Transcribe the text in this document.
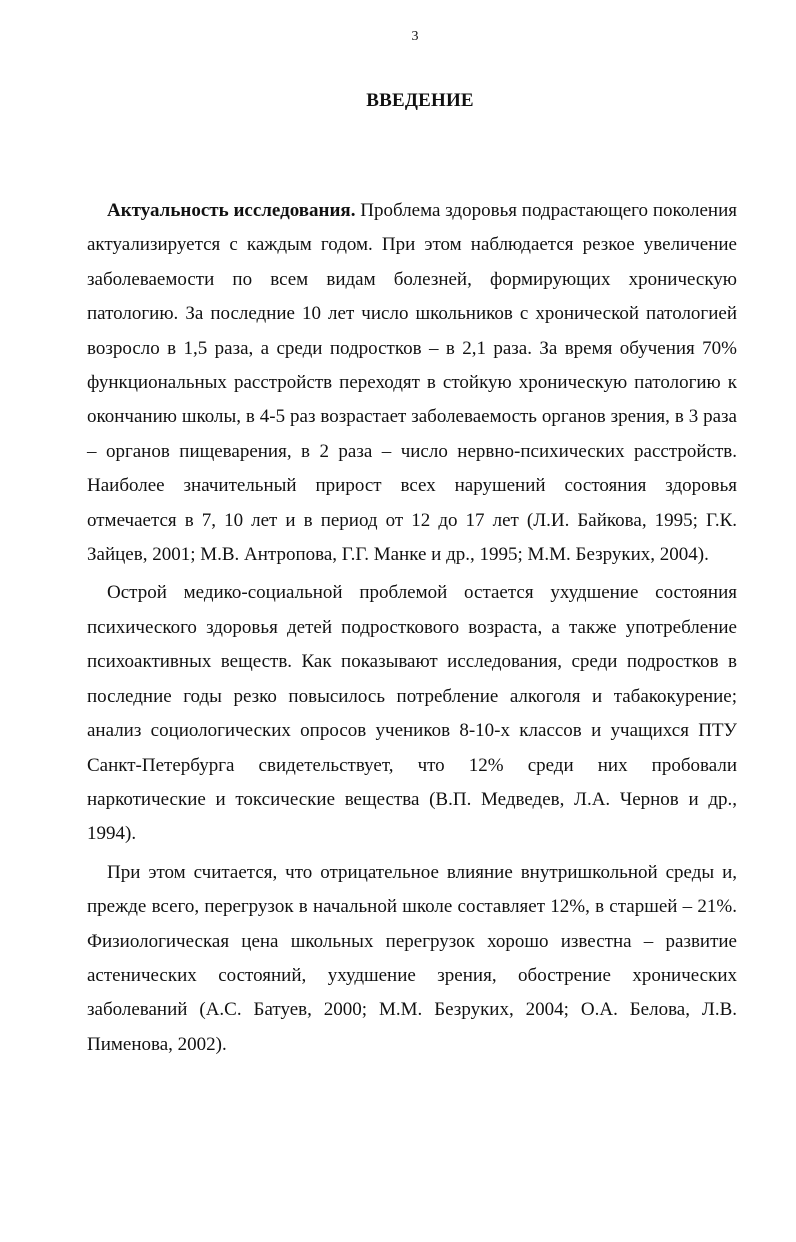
3
ВВЕДЕНИЕ

Актуальность исследования. Проблема здоровья подрастающего поколения актуализируется с каждым годом. При этом наблюдается резкое увеличение заболеваемости по всем видам болезней, формирующих хроническую патологию. За последние 10 лет число школьников с хронической патологией возросло в 1,5 раза, а среди подростков – в 2,1 раза. За время обучения 70% функциональных расстройств переходят в стойкую хроническую патологию к окончанию школы, в 4-5 раз возрастает заболеваемость органов зрения, в 3 раза – органов пищеварения, в 2 раза – число нервно-психических расстройств. Наиболее значительный прирост всех нарушений состояния здоровья отмечается в 7, 10 лет и в период от 12 до 17 лет (Л.И. Байкова, 1995; Г.К. Зайцев, 2001; М.В. Антропова, Г.Г. Манке и др., 1995; М.М. Безруких, 2004).

Острой медико-социальной проблемой остается ухудшение состояния психического здоровья детей подросткового возраста, а также употребление психоактивных веществ. Как показывают исследования, среди подростков в последние годы резко повысилось потребление алкоголя и табакокурение; анализ социологических опросов учеников 8-10-х классов и учащихся ПТУ Санкт-Петербурга свидетельствует, что 12% среди них пробовали наркотические и токсические вещества (В.П. Медведев, Л.А. Чернов и др., 1994).

При этом считается, что отрицательное влияние внутришкольной среды и, прежде всего, перегрузок в начальной школе составляет 12%, в старшей – 21%. Физиологическая цена школьных перегрузок хорошо известна – развитие астенических состояний, ухудшение зрения, обострение хронических заболеваний (А.С. Батуев, 2000; М.М. Безруких, 2004; О.А. Белова, Л.В. Пименова, 2002).
